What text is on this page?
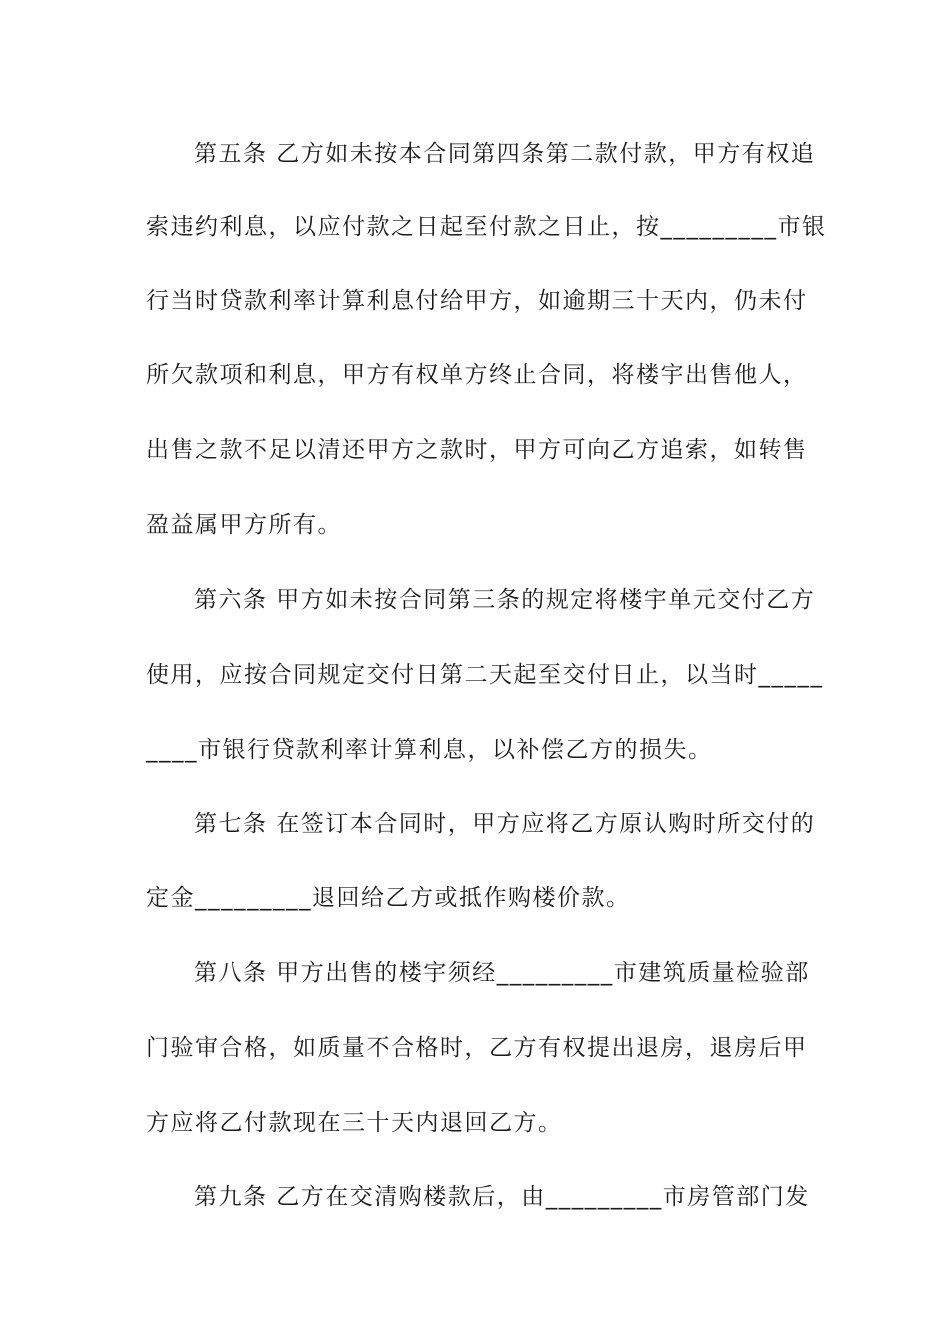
第五条 乙方如未按本合同第四条第二款付款，甲方有权追
索违约利息，以应付款之日起至付款之日止，按_________市银
行当时贷款利率计算利息付给甲方，如逾期三十天内，仍未付
所欠款项和利息，甲方有权单方终止合同，将楼宇出售他人，
出售之款不足以清还甲方之款时，甲方可向乙方追索，如转售
盈益属甲方所有。
第六条 甲方如未按合同第三条的规定将楼宇单元交付乙方
使用，应按合同规定交付日第二天起至交付日止，以当时_____
____市银行贷款利率计算利息，以补偿乙方的损失。
第七条 在签订本合同时，甲方应将乙方原认购时所交付的
定金_________退回给乙方或抵作购楼价款。
第八条 甲方出售的楼宇须经_________市建筑质量检验部
门验审合格，如质量不合格时，乙方有权提出退房，退房后甲
方应将乙付款现在三十天内退回乙方。
第九条 乙方在交清购楼款后，由_________市房管部门发
